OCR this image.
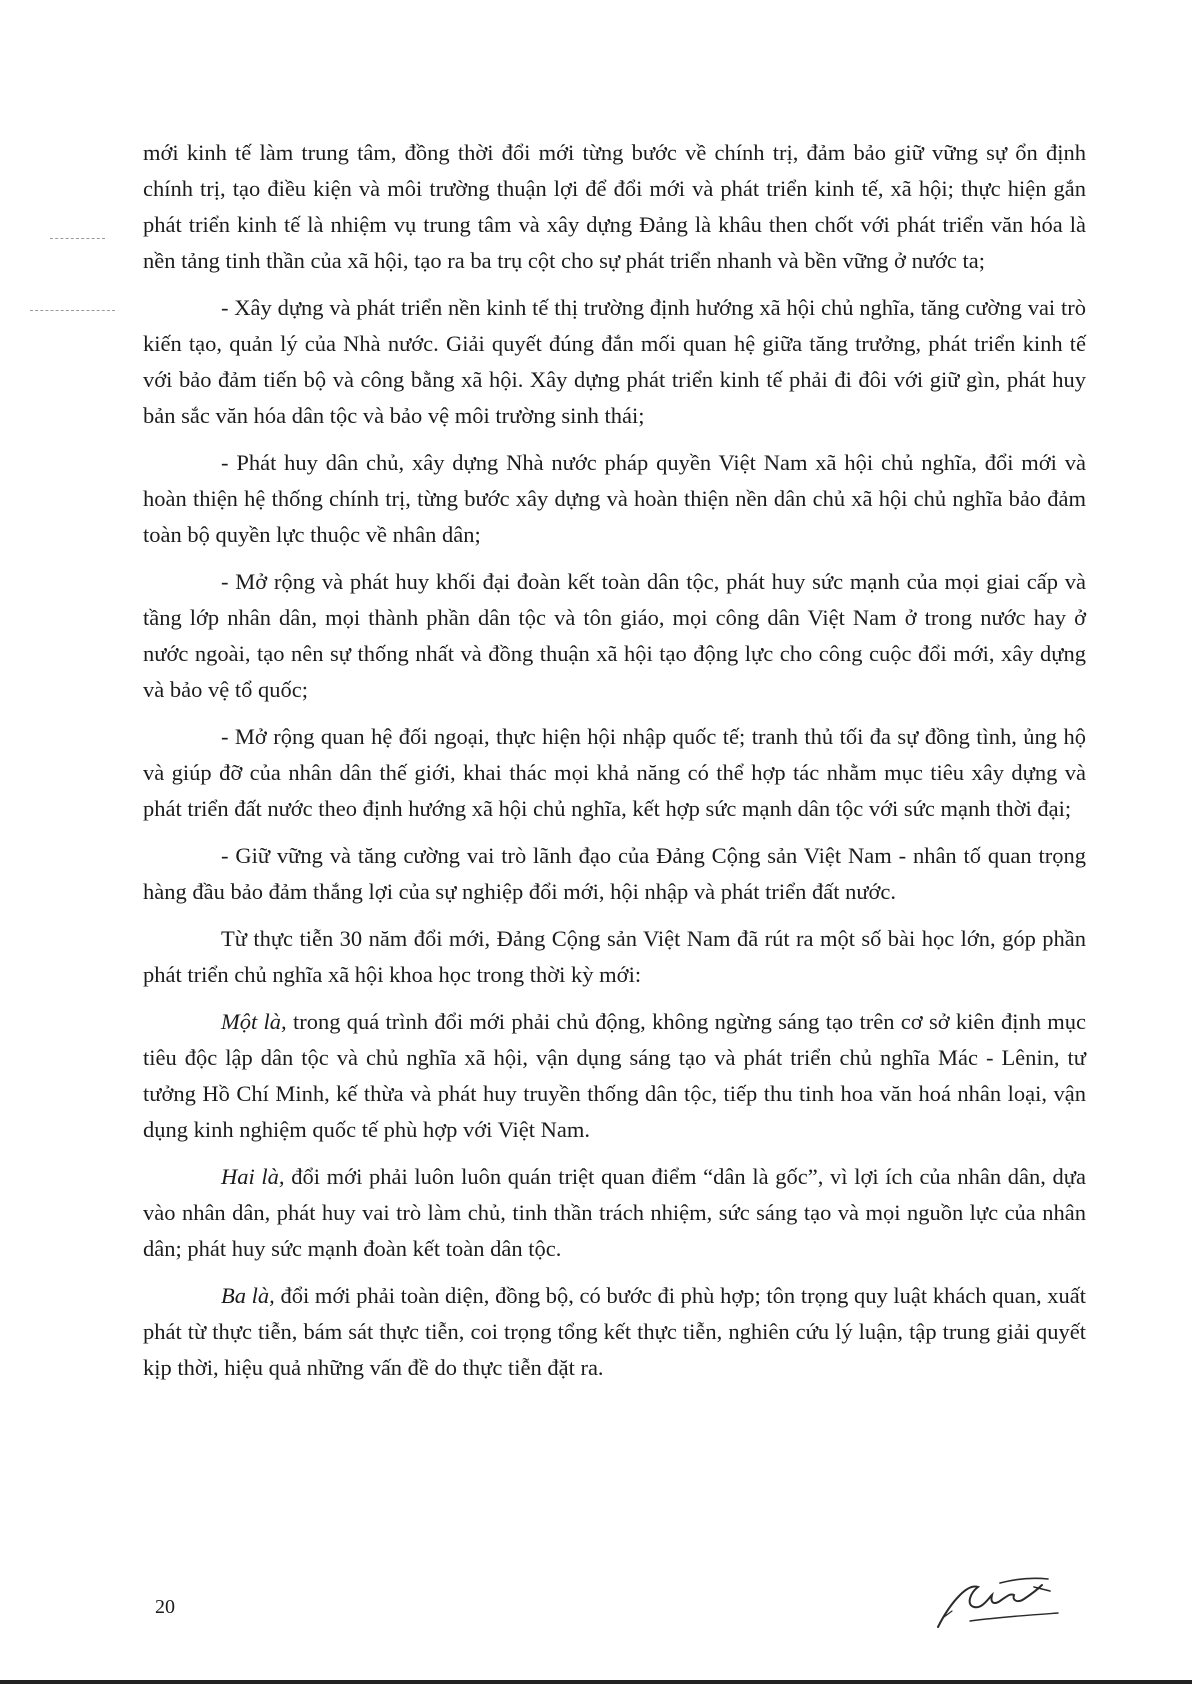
mới kinh tế làm trung tâm, đồng thời đổi mới từng bước về chính trị, đảm bảo giữ vững sự ổn định chính trị, tạo điều kiện và môi trường thuận lợi để đổi mới và phát triển kinh tế, xã hội; thực hiện gắn phát triển kinh tế là nhiệm vụ trung tâm và xây dựng Đảng là khâu then chốt với phát triển văn hóa là nền tảng tinh thần của xã hội, tạo ra ba trụ cột cho sự phát triển nhanh và bền vững ở nước ta;

- Xây dựng và phát triển nền kinh tế thị trường định hướng xã hội chủ nghĩa, tăng cường vai trò kiến tạo, quản lý của Nhà nước. Giải quyết đúng đắn mối quan hệ giữa tăng trưởng, phát triển kinh tế với bảo đảm tiến bộ và công bằng xã hội. Xây dựng phát triển kinh tế phải đi đôi với giữ gìn, phát huy bản sắc văn hóa dân tộc và bảo vệ môi trường sinh thái;

- Phát huy dân chủ, xây dựng Nhà nước pháp quyền Việt Nam xã hội chủ nghĩa, đổi mới và hoàn thiện hệ thống chính trị, từng bước xây dựng và hoàn thiện nền dân chủ xã hội chủ nghĩa bảo đảm toàn bộ quyền lực thuộc về nhân dân;

- Mở rộng và phát huy khối đại đoàn kết toàn dân tộc, phát huy sức mạnh của mọi giai cấp và tầng lớp nhân dân, mọi thành phần dân tộc và tôn giáo, mọi công dân Việt Nam ở trong nước hay ở nước ngoài, tạo nên sự thống nhất và đồng thuận xã hội tạo động lực cho công cuộc đổi mới, xây dựng và bảo vệ tổ quốc;

- Mở rộng quan hệ đối ngoại, thực hiện hội nhập quốc tế; tranh thủ tối đa sự đồng tình, ủng hộ và giúp đỡ của nhân dân thế giới, khai thác mọi khả năng có thể hợp tác nhằm mục tiêu xây dựng và phát triển đất nước theo định hướng xã hội chủ nghĩa, kết hợp sức mạnh dân tộc với sức mạnh thời đại;

- Giữ vững và tăng cường vai trò lãnh đạo của Đảng Cộng sản Việt Nam - nhân tố quan trọng hàng đầu bảo đảm thắng lợi của sự nghiệp đổi mới, hội nhập và phát triển đất nước.

Từ thực tiễn 30 năm đổi mới, Đảng Cộng sản Việt Nam đã rút ra một số bài học lớn, góp phần phát triển chủ nghĩa xã hội khoa học trong thời kỳ mới:

Một là, trong quá trình đổi mới phải chủ động, không ngừng sáng tạo trên cơ sở kiên định mục tiêu độc lập dân tộc và chủ nghĩa xã hội, vận dụng sáng tạo và phát triển chủ nghĩa Mác - Lênin, tư tưởng Hồ Chí Minh, kế thừa và phát huy truyền thống dân tộc, tiếp thu tinh hoa văn hoá nhân loại, vận dụng kinh nghiệm quốc tế phù hợp với Việt Nam.

Hai là, đổi mới phải luôn luôn quán triệt quan điểm “dân là gốc”, vì lợi ích của nhân dân, dựa vào nhân dân, phát huy vai trò làm chủ, tinh thần trách nhiệm, sức sáng tạo và mọi nguồn lực của nhân dân; phát huy sức mạnh đoàn kết toàn dân tộc.

Ba là, đổi mới phải toàn diện, đồng bộ, có bước đi phù hợp; tôn trọng quy luật khách quan, xuất phát từ thực tiễn, bám sát thực tiễn, coi trọng tổng kết thực tiễn, nghiên cứu lý luận, tập trung giải quyết kịp thời, hiệu quả những vấn đề do thực tiễn đặt ra.

20
